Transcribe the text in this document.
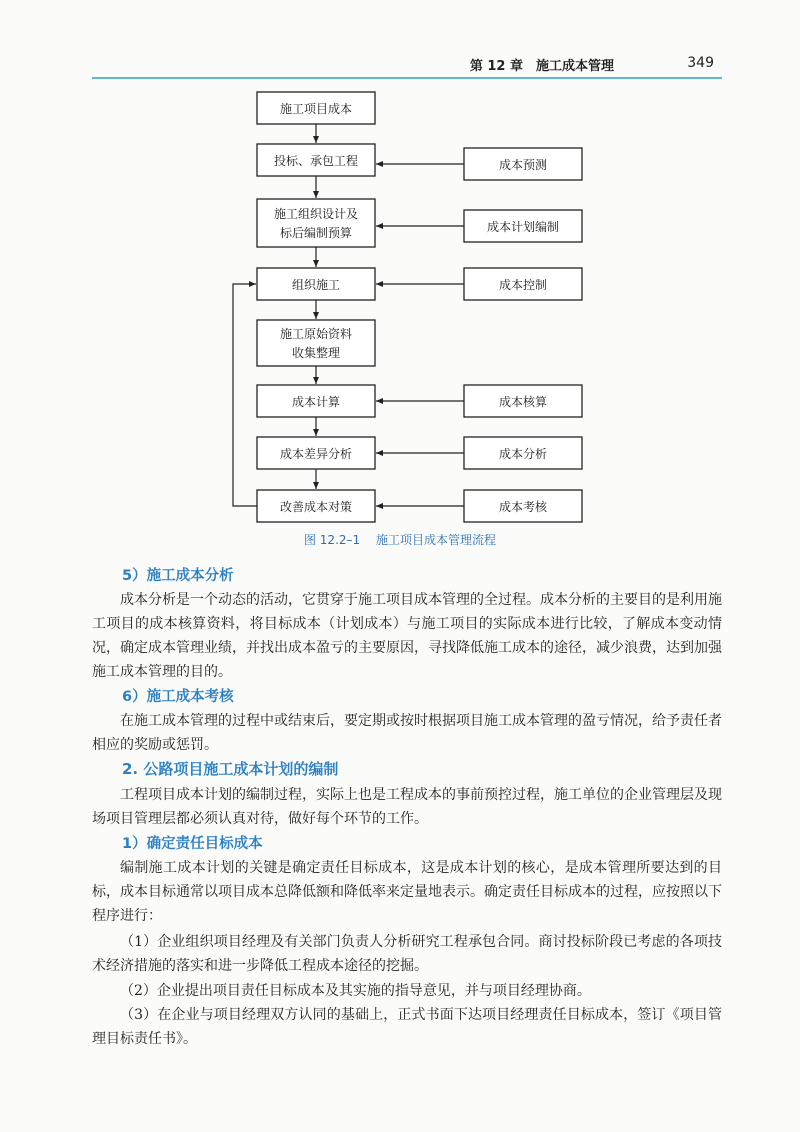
第 12 章　施工成本管理	349
施工项目成本
投标、承包工程
施工组织设计及
标后编制预算
组织施工
施工原始资料
收集整理
成本计算
成本差异分析
改善成本对策
成本预测
成本计划编制
成本控制
成本核算
成本分析
成本考核
图 12.2–1 施工项目成本管理流程
5）施工成本分析
成本分析是一个动态的活动，它贯穿于施工项目成本管理的全过程。成本分析的主要目的是利用施工项目的成本核算资料，将目标成本（计划成本）与施工项目的实际成本进行比较，了解成本变动情况，确定成本管理业绩，并找出成本盈亏的主要原因，寻找降低施工成本的途径，减少浪费，达到加强施工成本管理的目的。
6）施工成本考核
在施工成本管理的过程中或结束后，要定期或按时根据项目施工成本管理的盈亏情况，给予责任者相应的奖励或惩罚。
2. 公路项目施工成本计划的编制
工程项目成本计划的编制过程，实际上也是工程成本的事前预控过程，施工单位的企业管理层及现场项目管理层都必须认真对待，做好每个环节的工作。
1）确定责任目标成本
编制施工成本计划的关键是确定责任目标成本，这是成本计划的核心，是成本管理所要达到的目标，成本目标通常以项目成本总降低额和降低率来定量地表示。确定责任目标成本的过程，应按照以下程序进行：
（1）企业组织项目经理及有关部门负责人分析研究工程承包合同。商讨投标阶段已考虑的各项技术经济措施的落实和进一步降低工程成本途径的挖掘。
（2）企业提出项目责任目标成本及其实施的指导意见，并与项目经理协商。
（3）在企业与项目经理双方认同的基础上，正式书面下达项目经理责任目标成本，签订《项目管理目标责任书》。
